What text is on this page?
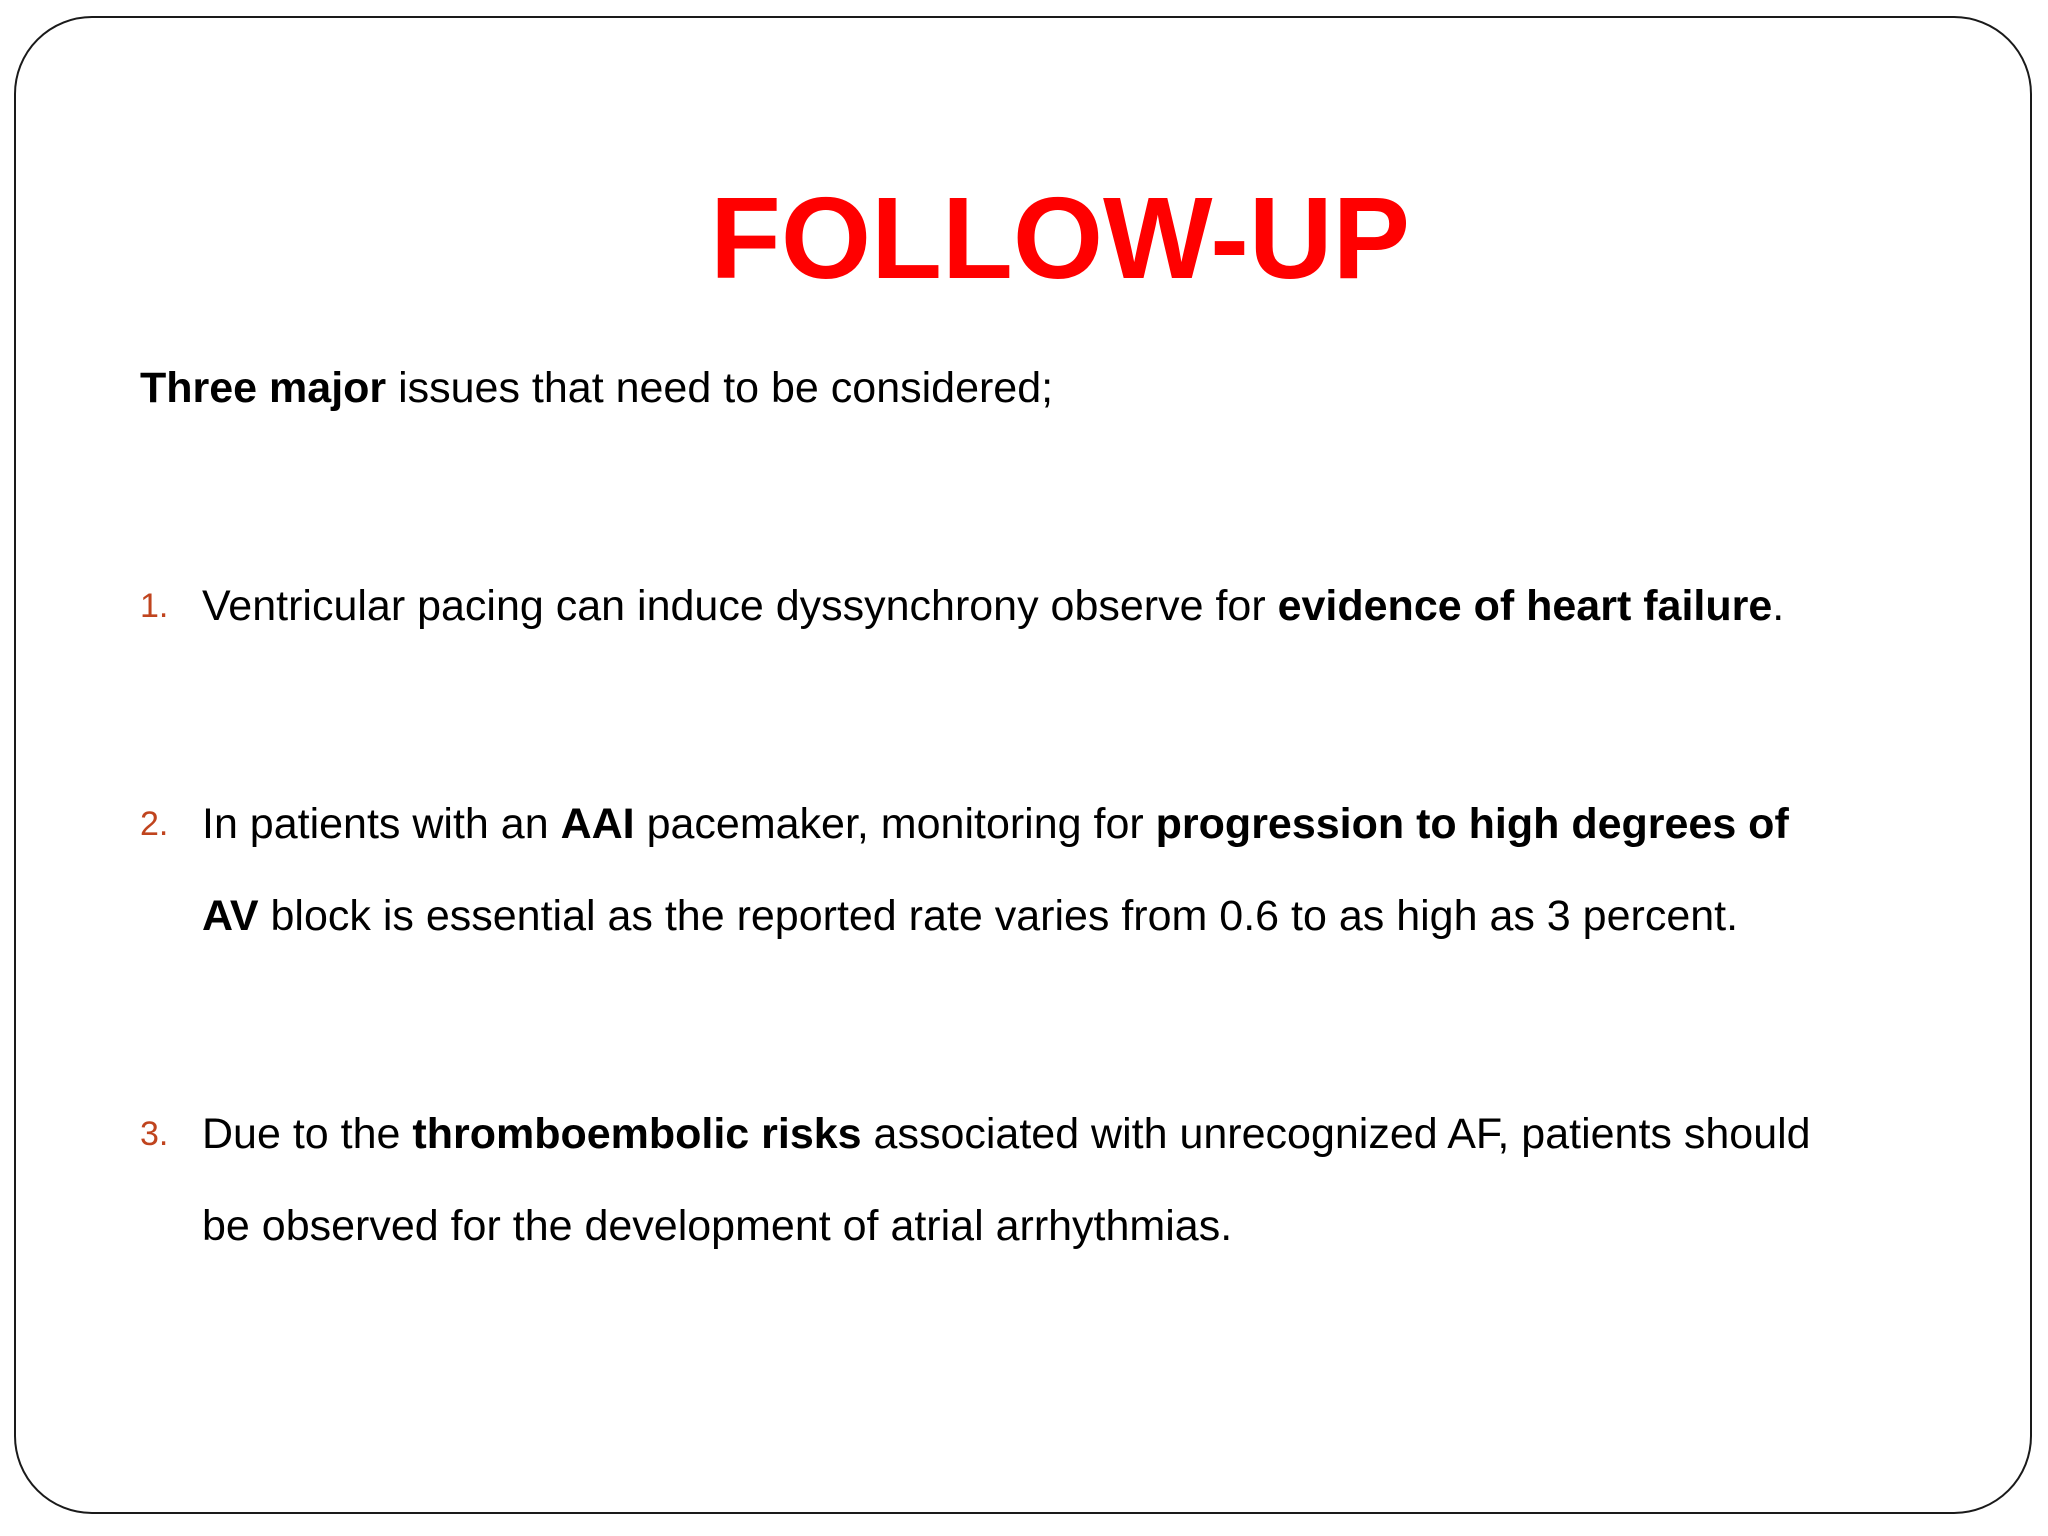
FOLLOW-UP

Three major issues that need to be considered;

1. Ventricular pacing can induce dyssynchrony observe for evidence of heart failure.
2. In patients with an AAI pacemaker, monitoring for progression to high degrees of
AV block is essential as the reported rate varies from 0.6 to as high as 3 percent.
3. Due to the thromboembolic risks associated with unrecognized AF, patients should
be observed for the development of atrial arrhythmias.
